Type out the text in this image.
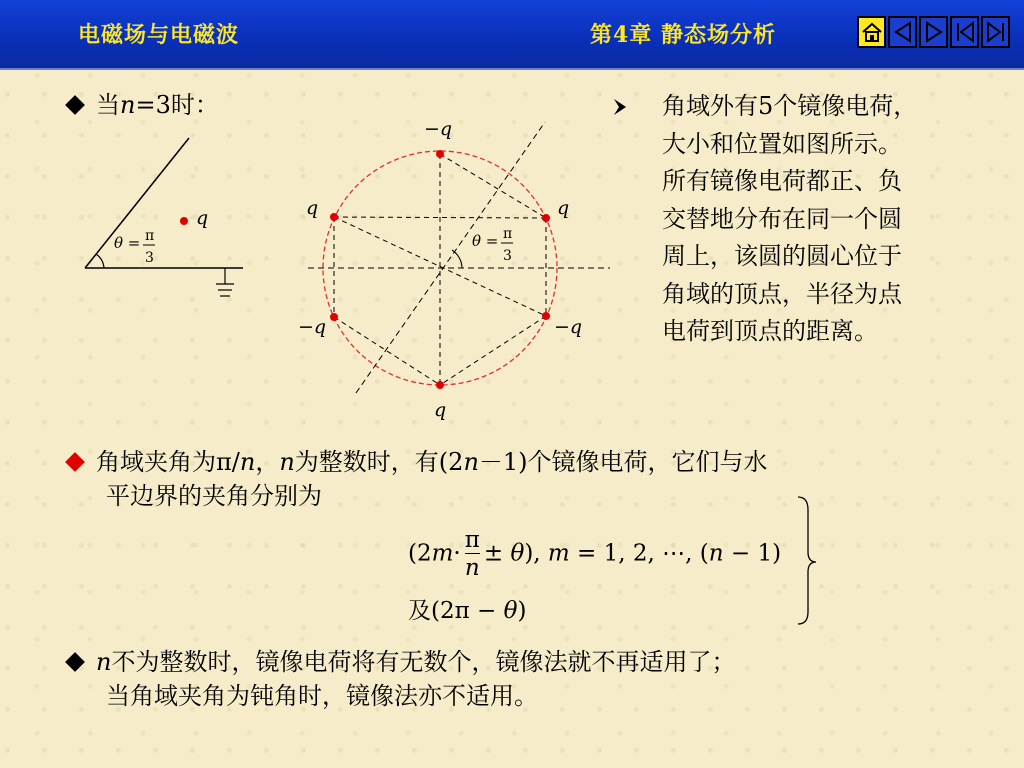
电磁场与电磁波	第4章 静态场分析
当n=3时：
q
θ = π
3
−q
q	q
−q	−q
q
θ = π
3
角域外有5个镜像电荷，
大小和位置如图所示。
所有镜像电荷都正、负
交替地分布在同一个圆
周上，该圆的圆心位于
角域的顶点，半径为点
电荷到顶点的距离。
角域夹角为π/n，n为整数时，有(2n－1)个镜像电荷，它们与水
平边界的夹角分别为
$(2m\cdot \frac{\pi}{n} \pm \theta)$, m = 1, 2, ⋯, (n − 1)
及(2π − θ)
n不为整数时，镜像电荷将有无数个，镜像法就不再适用了；
当角域夹角为钝角时，镜像法亦不适用。
